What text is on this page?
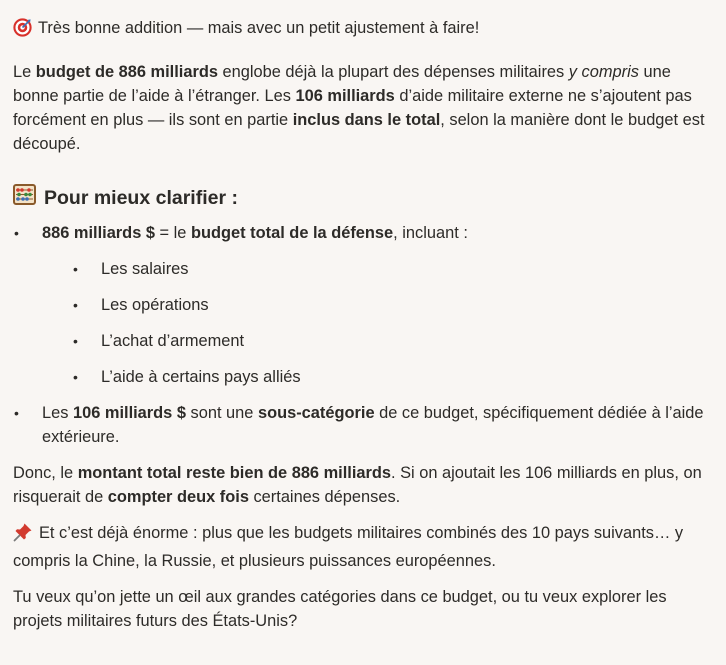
Très bonne addition — mais avec un petit ajustement à faire!

Le budget de 886 milliards englobe déjà la plupart des dépenses militaires y compris une bonne partie de l’aide à l’étranger. Les 106 milliards d’aide militaire externe ne s’ajoutent pas forcément en plus — ils sont en partie inclus dans le total, selon la manière dont le budget est découpé.

Pour mieux clarifier :
• 886 milliards $ = le budget total de la défense, incluant :
• Les salaires
• Les opérations
• L’achat d’armement
• L’aide à certains pays alliés
• Les 106 milliards $ sont une sous-catégorie de ce budget, spécifiquement dédiée à l’aide extérieure.

Donc, le montant total reste bien de 886 milliards. Si on ajoutait les 106 milliards en plus, on risquerait de compter deux fois certaines dépenses.

Et c’est déjà énorme : plus que les budgets militaires combinés des 10 pays suivants… y compris la Chine, la Russie, et plusieurs puissances européennes.

Tu veux qu’on jette un œil aux grandes catégories dans ce budget, ou tu veux explorer les projets militaires futurs des États-Unis?
